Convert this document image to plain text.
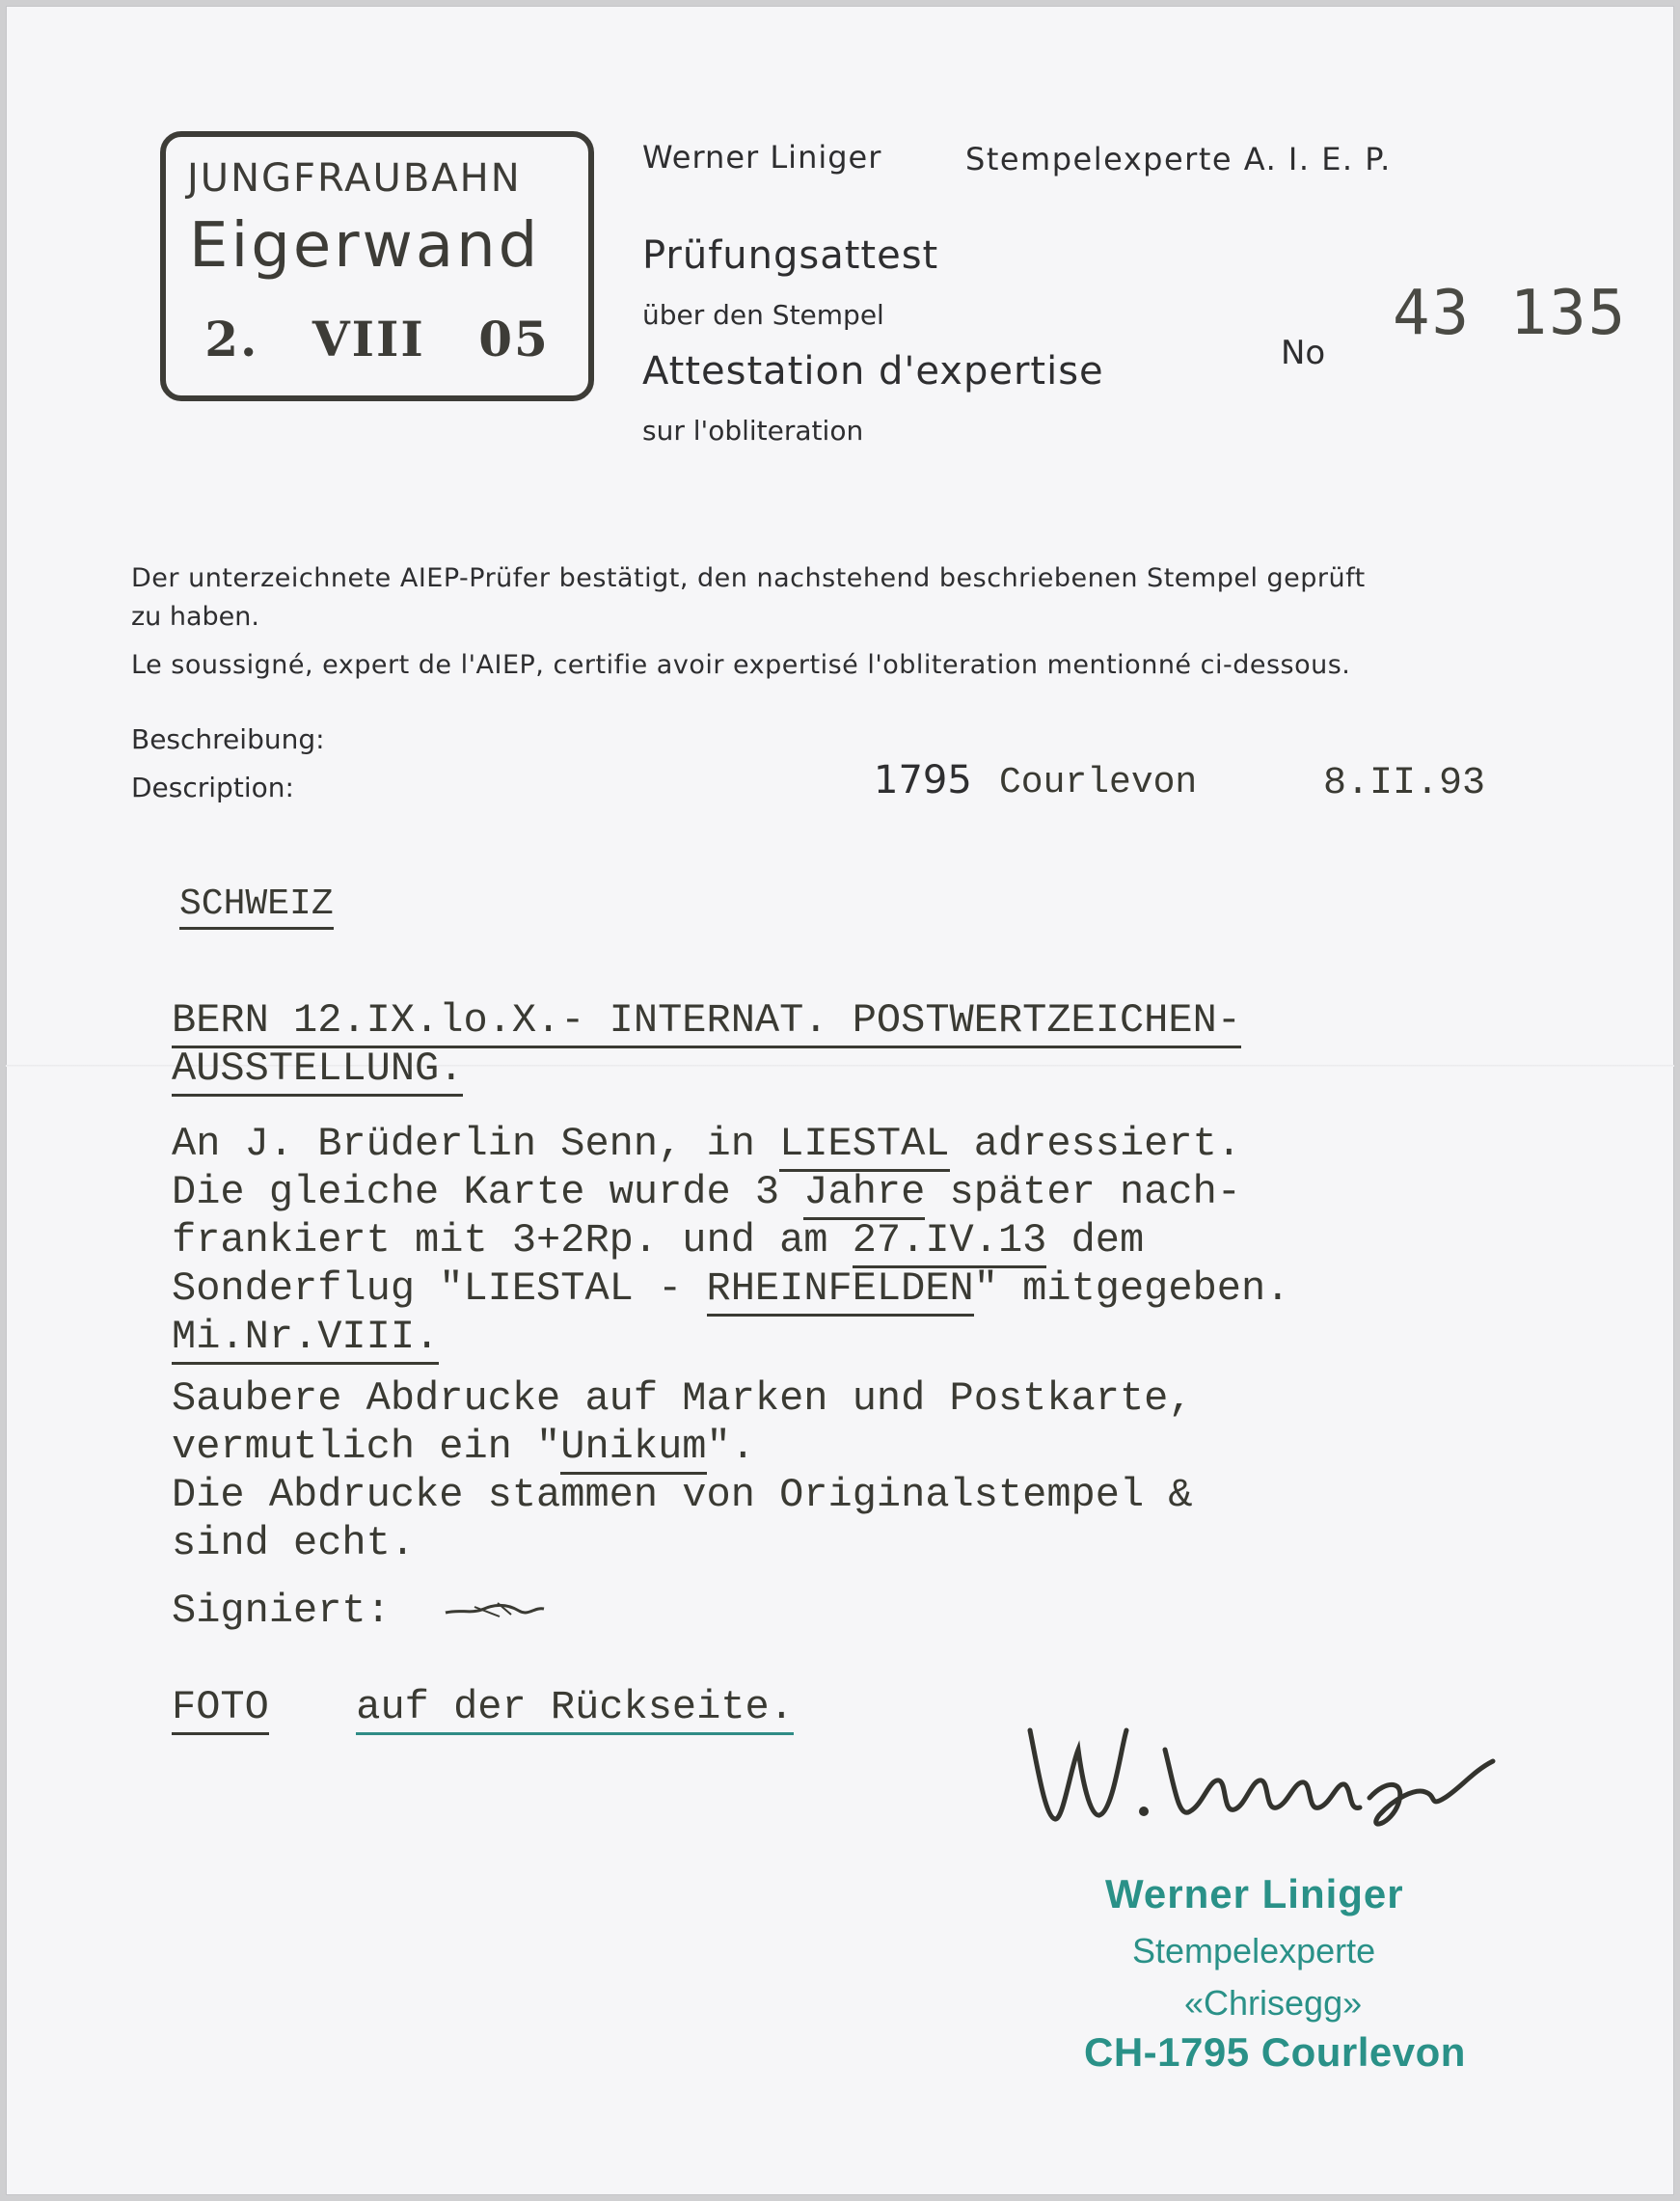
JUNGFRAUBAHN
Eigerwand
2. VIII 05
Werner Liniger	Stempelexperte A. I. E. P.
Prüfungsattest
über den Stempel
Attestation d'expertise
sur l'obliteration
No
43 135
Der unterzeichnete AIEP-Prüfer bestätigt, den nachstehend beschriebenen Stempel geprüft
zu haben.
Le soussigné, expert de l'AIEP, certifie avoir expertisé l'obliteration mentionné ci-dessous.
Beschreibung:
Description:	1795 Courlevon	8.II.93
SCHWEIZ
BERN 12.IX.lo.X.- INTERNAT. POSTWERTZEICHEN-
AUSSTELLUNG.
An J. Brüderlin Senn, in LIESTAL adressiert.
Die gleiche Karte wurde 3 Jahre später nach-
frankiert mit 3+2Rp. und am 27.IV.13 dem
Sonderflug "LIESTAL - RHEINFELDEN" mitgegeben.
Mi.Nr.VIII.
Saubere Abdrucke auf Marken und Postkarte,
vermutlich ein "Unikum".
Die Abdrucke stammen von Originalstempel &
sind echt.
Signiert:
FOTO auf der Rückseite.
Werner Liniger
Stempelexperte
«Chrisegg»
CH-1795 Courlevon
